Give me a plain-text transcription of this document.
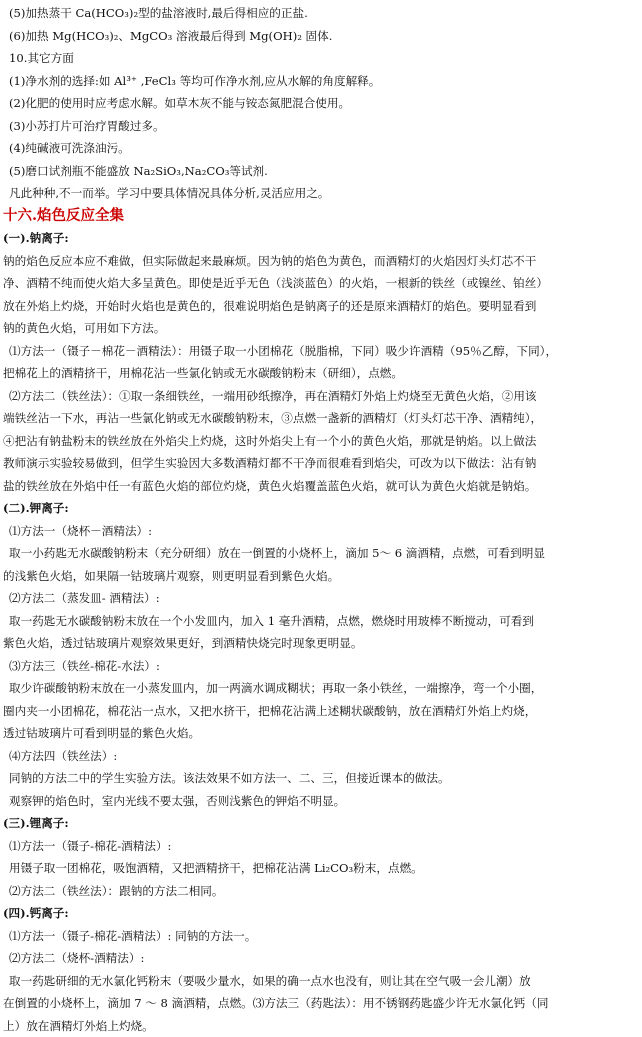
(5)加热蒸干 Ca(HCO₃)₂型的盐溶液时,最后得相应的正盐.
(6)加热 Mg(HCO₃)₂、MgCO₃ 溶液最后得到 Mg(OH)₂ 固体.
10.其它方面
(1)净水剂的选择:如 Al³⁺ ,FeCl₃ 等均可作净水剂,应从水解的角度解释。
(2)化肥的使用时应考虑水解。如草木灰不能与铵态氮肥混合使用。
(3)小苏打片可治疗胃酸过多。
(4)纯碱液可洗涤油污。
(5)磨口试剂瓶不能盛放 Na₂SiO₃,Na₂CO₃等试剂.
凡此种种,不一而举。学习中要具体情况具体分析,灵活应用之。
十六.焰色反应全集
(一).钠离子:
钠的焰色反应本应不难做，但实际做起来最麻烦。因为钠的焰色为黄色，而酒精灯的火焰因灯头灯芯不干
净、酒精不纯而使火焰大多呈黄色。即使是近乎无色（浅淡蓝色）的火焰，一根新的铁丝（或镍丝、铂丝）
放在外焰上灼烧，开始时火焰也是黄色的，很难说明焰色是钠离子的还是原来酒精灯的焰色。要明显看到
钠的黄色火焰，可用如下方法。
⑴方法一（镊子－棉花－酒精法）：用镊子取一小团棉花（脱脂棉，下同）吸少许酒精（95％乙醇，下同），
把棉花上的酒精挤干，用棉花沾一些氯化钠或无水碳酸钠粉末（研细），点燃。
⑵方法二（铁丝法）：①取一条细铁丝，一端用砂纸擦净，再在酒精灯外焰上灼烧至无黄色火焰，②用该
端铁丝沾一下水，再沾一些氯化钠或无水碳酸钠粉末，③点燃一盏新的酒精灯（灯头灯芯干净、酒精纯），
④把沾有钠盐粉末的铁丝放在外焰尖上灼烧，这时外焰尖上有一个小的黄色火焰，那就是钠焰。以上做法
教师演示实验较易做到，但学生实验因大多数酒精灯都不干净而很难看到焰尖，可改为以下做法：沾有钠
盐的铁丝放在外焰中任一有蓝色火焰的部位灼烧，黄色火焰覆盖蓝色火焰，就可认为黄色火焰就是钠焰。
(二).钾离子:
⑴方法一（烧杯－酒精法）:
取一小药匙无水碳酸钠粉末（充分研细）放在一倒置的小烧杯上，滴加 5～ 6 滴酒精，点燃，可看到明显
的浅紫色火焰，如果隔一钴玻璃片观察，则更明显看到紫色火焰。
⑵方法二（蒸发皿- 酒精法）:
取一药匙无水碳酸钠粉末放在一个小发皿内，加入 1 毫升酒精，点燃，燃烧时用玻棒不断搅动，可看到
紫色火焰，透过钴玻璃片观察效果更好，到酒精快烧完时现象更明显。
⑶方法三（铁丝-棉花-水法）:
取少许碳酸钠粉末放在一小蒸发皿内，加一两滴水调成糊状；再取一条小铁丝，一端擦净，弯一个小圈，
圈内夹一小团棉花，棉花沾一点水，又把水挤干，把棉花沾满上述糊状碳酸钠，放在酒精灯外焰上灼烧，
透过钴玻璃片可看到明显的紫色火焰。
⑷方法四（铁丝法）:
同钠的方法二中的学生实验方法。该法效果不如方法一、二、三，但接近课本的做法。
观察钾的焰色时，室内光线不要太强，否则浅紫色的钾焰不明显。
(三).锂离子:
⑴方法一（镊子-棉花-酒精法）:
用镊子取一团棉花，吸饱酒精，又把酒精挤干，把棉花沾满 Li₂CO₃粉末，点燃。
⑵方法二（铁丝法）：跟钠的方法二相同。
(四).钙离子:
⑴方法一（镊子-棉花-酒精法）: 同钠的方法一。
⑵方法二（烧杯-酒精法）:
取一药匙研细的无水氯化钙粉末（要吸少量水，如果的确一点水也没有，则让其在空气吸一会儿潮）放
在倒置的小烧杯上，滴加 7 ～ 8 滴酒精，点燃。⑶方法三（药匙法）：用不锈钢药匙盛少许无水氯化钙（同
上）放在酒精灯外焰上灼烧。
